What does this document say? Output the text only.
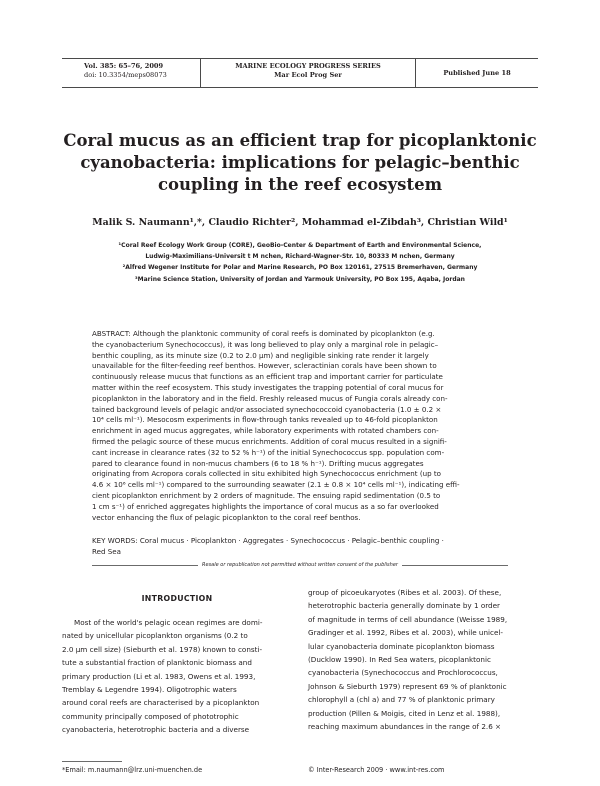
Vol. 385: 65–76, 2009
doi: 10.3354/meps08073
MARINE ECOLOGY PROGRESS SERIES
Mar Ecol Prog Ser	Published June 18
Coral mucus as an efficient trap for picoplanktonic
cyanobacteria: implications for pelagic–benthic
coupling in the reef ecosystem

Malik S. Naumann¹,*, Claudio Richter², Mohammad el-Zibdah³, Christian Wild¹

¹Coral Reef Ecology Work Group (CORE), GeoBio-Center & Department of Earth and Environmental Science,
Ludwig-Maximilians-Universit t M nchen, Richard-Wagner-Str. 10, 80333 M nchen, Germany
²Alfred Wegener Institute for Polar and Marine Research, PO Box 120161, 27515 Bremerhaven, Germany
³Marine Science Station, University of Jordan and Yarmouk University, PO Box 195, Aqaba, Jordan
ABSTRACT: Although the planktonic community of coral reefs is dominated by picoplankton (e.g.
the cyanobacterium Synechococcus), it was long believed to play only a marginal role in pelagic–
benthic coupling, as its minute size (0.2 to 2.0 µm) and negligible sinking rate render it largely
unavailable for the filter-feeding reef benthos. However, scleractinian corals have been shown to
continuously release mucus that functions as an efficient trap and important carrier for particulate
matter within the reef ecosystem. This study investigates the trapping potential of coral mucus for
picoplankton in the laboratory and in the field. Freshly released mucus of Fungia corals already con-
tained background levels of pelagic and/or associated synechococcoid cyanobacteria (1.0 ± 0.2 ×
10⁴ cells ml⁻¹). Mesocosm experiments in flow-through tanks revealed up to 46-fold picoplankton
enrichment in aged mucus aggregates, while laboratory experiments with rotated chambers con-
firmed the pelagic source of these mucus enrichments. Addition of coral mucus resulted in a signifi-
cant increase in clearance rates (32 to 52 % h⁻¹) of the initial Synechococcus spp. population com-
pared to clearance found in non-mucus chambers (6 to 18 % h⁻¹). Drifting mucus aggregates
originating from Acropora corals collected in situ exhibited high Synechococcus enrichment (up to
4.6 × 10⁶ cells ml⁻¹) compared to the surrounding seawater (2.1 ± 0.8 × 10⁴ cells ml⁻¹), indicating effi-
cient picoplankton enrichment by 2 orders of magnitude. The ensuing rapid sedimentation (0.5 to
1 cm s⁻¹) of enriched aggregates highlights the importance of coral mucus as a so far overlooked
vector enhancing the flux of pelagic picoplankton to the coral reef benthos.
KEY WORDS: Coral mucus · Picoplankton · Aggregates · Synechococcus · Pelagic–benthic coupling ·
Red Sea
Resale or republication not permitted without written consent of the publisher
INTRODUCTION
Most of the world's pelagic ocean regimes are domi-
nated by unicellular picoplankton organisms (0.2 to
2.0 µm cell size) (Sieburth et al. 1978) known to consti-
tute a substantial fraction of planktonic biomass and
primary production (Li et al. 1983, Owens et al. 1993,
Tremblay & Legendre 1994). Oligotrophic waters
around coral reefs are characterised by a picoplankton
community principally composed of phototrophic
cyanobacteria, heterotrophic bacteria and a diverse
group of picoeukaryotes (Ribes et al. 2003). Of these,
heterotrophic bacteria generally dominate by 1 order
of magnitude in terms of cell abundance (Weisse 1989,
Gradinger et al. 1992, Ribes et al. 2003), while unicel-
lular cyanobacteria dominate picoplankton biomass
(Ducklow 1990). In Red Sea waters, picoplanktonic
cyanobacteria (Synechococcus and Prochlorococcus,
Johnson & Sieburth 1979) represent 69 % of planktonic
chlorophyll a (chl a) and 77 % of planktonic primary
production (Pillen & Moigis, cited in Lenz et al. 1988),
reaching maximum abundances in the range of 2.6 ×
*Email: m.naumann@lrz.uni-muenchen.de	© Inter-Research 2009 · www.int-res.com
